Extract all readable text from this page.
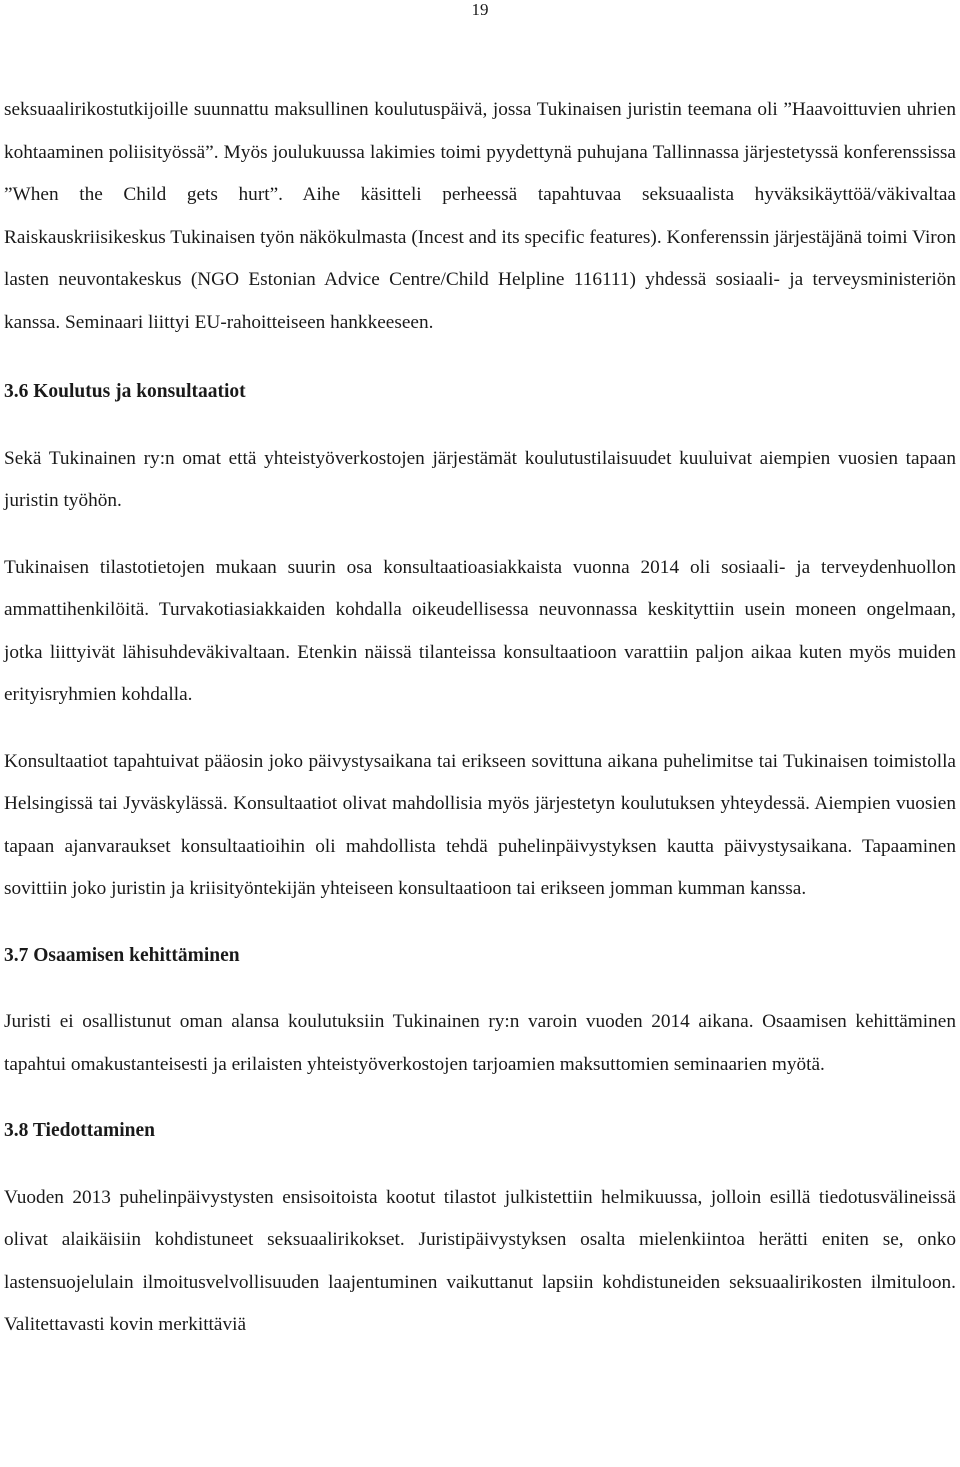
19

seksuaalirikostutkijoille suunnattu maksullinen koulutuspäivä, jossa Tukinaisen juristin teemana oli ”Haavoittuvien uhrien kohtaaminen poliisityössä”. Myös joulukuussa lakimies toimi pyydettynä puhujana Tallinnassa järjestetyssä konferenssissa ”When the Child gets hurt”. Aihe käsitteli perheessä tapahtuvaa seksuaalista hyväksikäyttöä/väkivaltaa Raiskauskriisikeskus Tukinaisen työn näkökulmasta (Incest and its specific features). Konferenssin järjestäjänä toimi Viron lasten neuvontakeskus (NGO Estonian Advice Centre/Child Helpline 116111) yhdessä sosiaali- ja terveysministeriön kanssa. Seminaari liittyi EU-rahoitteiseen hankkeeseen.

3.6 Koulutus ja konsultaatiot

Sekä Tukinainen ry:n omat että yhteistyöverkostojen järjestämät koulutustilaisuudet kuuluivat aiempien vuosien tapaan juristin työhön.

Tukinaisen tilastotietojen mukaan suurin osa konsultaatioasiakkaista vuonna 2014 oli sosiaali- ja terveydenhuollon ammattihenkilöitä. Turvakotiasiakkaiden kohdalla oikeudellisessa neuvonnassa keskityttiin usein moneen ongelmaan, jotka liittyivät lähisuhdeväkivaltaan. Etenkin näissä tilanteissa konsultaatioon varattiin paljon aikaa kuten myös muiden erityisryhmien kohdalla.

Konsultaatiot tapahtuivat pääosin joko päivystysaikana tai erikseen sovittuna aikana puhelimitse tai Tukinaisen toimistolla Helsingissä tai Jyväskylässä. Konsultaatiot olivat mahdollisia myös järjestetyn koulutuksen yhteydessä. Aiempien vuosien tapaan ajanvaraukset konsultaatioihin oli mahdollista tehdä puhelinpäivystyksen kautta päivystysaikana. Tapaaminen sovittiin joko juristin ja kriisityöntekijän yhteiseen konsultaatioon tai erikseen jomman kumman kanssa.

3.7 Osaamisen kehittäminen

Juristi ei osallistunut oman alansa koulutuksiin Tukinainen ry:n varoin vuoden 2014 aikana. Osaamisen kehittäminen tapahtui omakustanteisesti ja erilaisten yhteistyöverkostojen tarjoamien maksuttomien seminaarien myötä.

3.8 Tiedottaminen

Vuoden 2013 puhelinpäivystysten ensisoitoista kootut tilastot julkistettiin helmikuussa, jolloin esillä tiedotusvälineissä olivat alaikäisiin kohdistuneet seksuaalirikokset. Juristipäivystyksen osalta mielenkiintoa herätti eniten se, onko lastensuojelulain ilmoitusvelvollisuuden laajentuminen vaikuttanut lapsiin kohdistuneiden seksuaalirikosten ilmituloon. Valitettavasti kovin merkittäviä
